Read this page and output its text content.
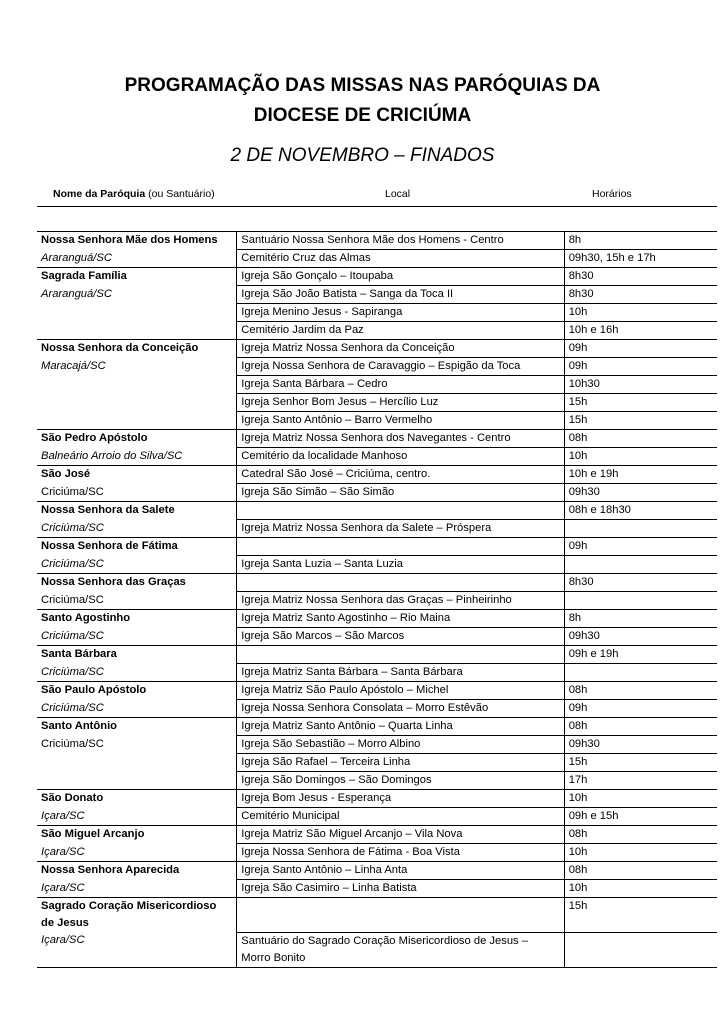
PROGRAMAÇÃO DAS MISSAS NAS PARÓQUIAS DA
DIOCESE DE CRICIÚMA
2 DE NOVEMBRO – FINADOS
Nome da Paróquia (ou Santuário)	Local	Horários
Nossa Senhora Mãe dos Homens	Santuário Nossa Senhora Mãe dos Homens - Centro	8h

Araranguá/SC	Cemitério Cruz das Almas	09h30, 15h e 17h

Sagrada Família	Igreja São Gonçalo – Itoupaba	8h30

Araranguá/SC	Igreja São João Batista – Sanga da Toca II	8h30
	Igreja Menino Jesus - Sapiranga	10h
	Cemitério Jardim da Paz	10h e 16h

Nossa Senhora da Conceição	Igreja Matriz Nossa Senhora da Conceição	09h

Maracajá/SC	Igreja Nossa Senhora de Caravaggio – Espigão da Toca	09h
	Igreja Santa Bárbara – Cedro	10h30
	Igreja Senhor Bom Jesus – Hercílio Luz	15h
	Igreja Santo Antônio – Barro Vermelho	15h

São Pedro Apóstolo	Igreja Matriz Nossa Senhora dos Navegantes - Centro	08h

Balneário Arroio do Silva/SC	Cemitério da localidade Manhoso	10h

São José	Catedral São José – Criciúma, centro.	10h e 19h

Criciúma/SC	Igreja São Simão – São Simão	09h30

Nossa Senhora da Salete		08h e 18h30

Criciúma/SC	Igreja Matriz Nossa Senhora da Salete – Próspera	

Nossa Senhora de Fátima		09h

Criciúma/SC	Igreja Santa Luzia – Santa Luzia	

Nossa Senhora das Graças		8h30

Criciúma/SC	Igreja Matriz Nossa Senhora das Graças – Pinheirinho	

Santo Agostinho	Igreja Matriz Santo Agostinho – Rio Maina	8h

Criciúma/SC	Igreja São Marcos – São Marcos	09h30

Santa Bárbara		09h e 19h

Criciúma/SC	Igreja Matriz Santa Bárbara – Santa Bárbara	

São Paulo Apóstolo	Igreja Matriz São Paulo Apóstolo – Michel	08h

Criciúma/SC	Igreja Nossa Senhora Consolata – Morro Estêvão	09h

Santo Antônio	Igreja Matriz Santo Antônio – Quarta Linha	08h

Criciúma/SC	Igreja São Sebastião – Morro Albino	09h30
	Igreja São Rafael – Terceira Linha	15h
	Igreja São Domingos – São Domingos	17h

São Donato	Igreja Bom Jesus - Esperança	10h

Içara/SC	Cemitério Municipal	09h e 15h

São Miguel Arcanjo	Igreja Matriz São Miguel Arcanjo – Vila Nova	08h

Içara/SC	Igreja Nossa Senhora de Fátima - Boa Vista	10h

Nossa Senhora Aparecida	Igreja Santo Antônio – Linha Anta	08h

Içara/SC	Igreja São Casimiro – Linha Batista	10h

Sagrado Coração Misericordioso de Jesus		15h

Içara/SC	Santuário do Sagrado Coração Misericordioso de Jesus – Morro Bonito	
